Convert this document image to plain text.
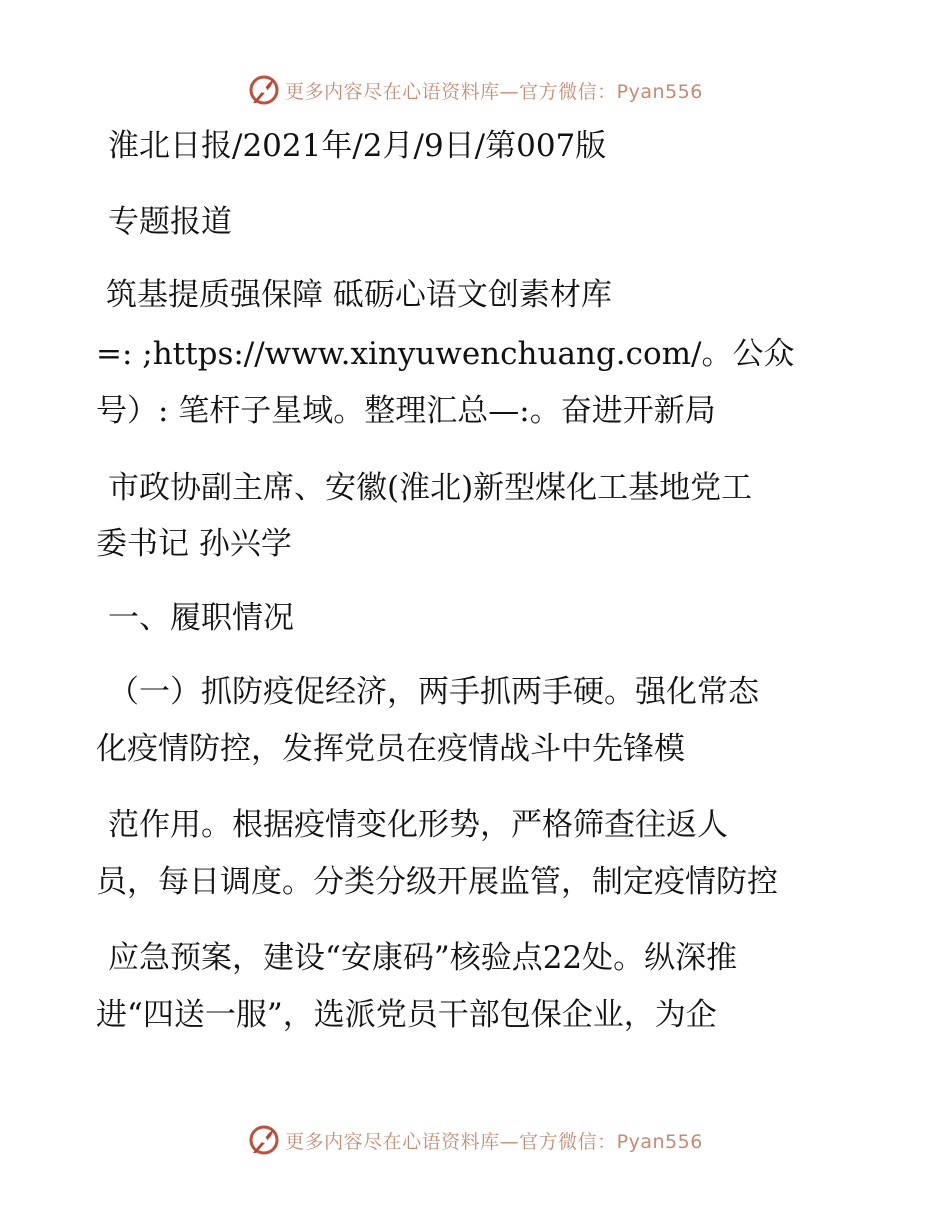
更多内容尽在心语资料库—官方微信：Pyan556
淮北日报/2021年/2月/9日/第007版
专题报道
筑基提质强保障 砥砺心语文创素材库
=: ;https://www.xinyuwenchuang.com/。公众
号）: 笔杆子星域。整理汇总—:。奋进开新局
市政协副主席、安徽(淮北)新型煤化工基地党工
委书记 孙兴学
一、履职情况
（一）抓防疫促经济，两手抓两手硬。强化常态
化疫情防控，发挥党员在疫情战斗中先锋模
范作用。根据疫情变化形势，严格筛查往返人
员，每日调度。分类分级开展监管，制定疫情防控
应急预案，建设“安康码”核验点22处。纵深推
进“四送一服”，选派党员干部包保企业，为企
更多内容尽在心语资料库—官方微信：Pyan556
